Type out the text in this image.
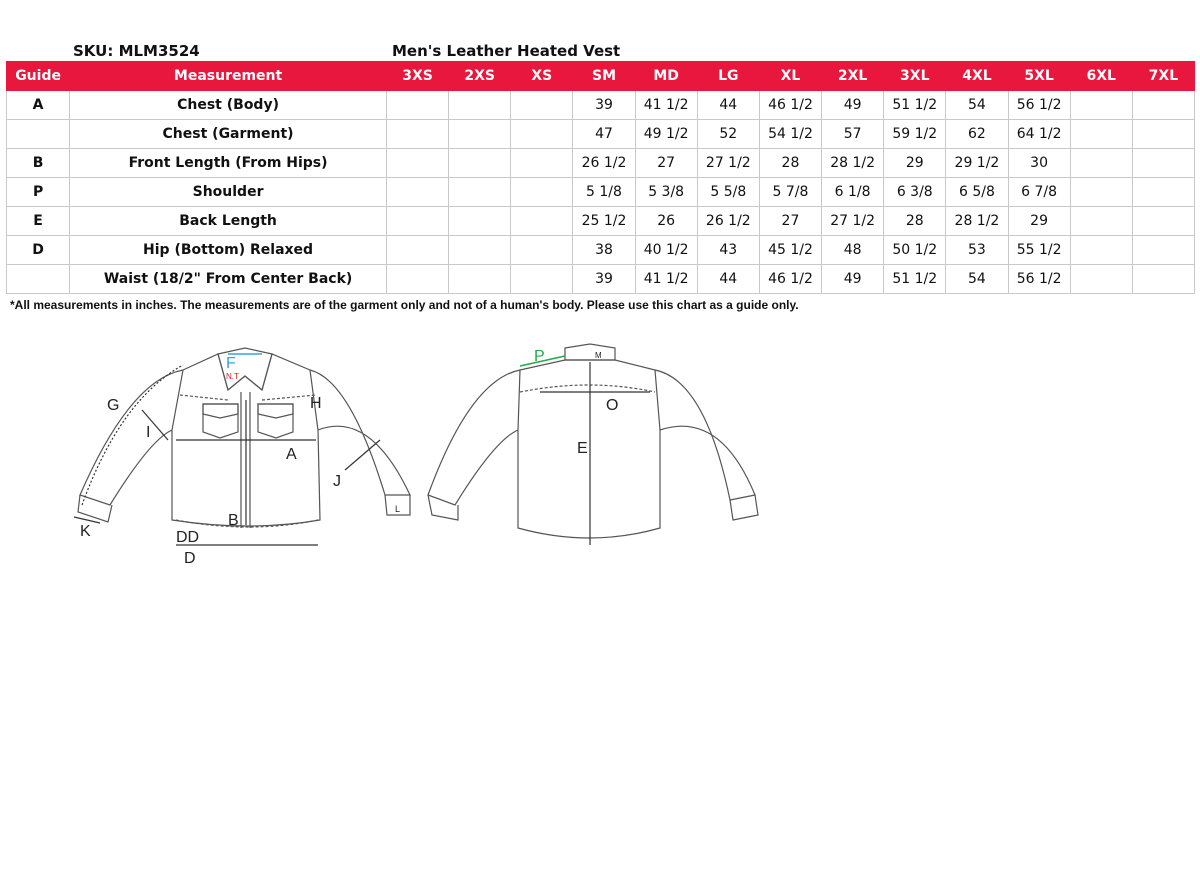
SKU: MLM3524	Men's Leather Heated Vest
Guide	Measurement	3XS	2XS	XS	SM	MD	LG	XL	2XL	3XL	4XL	5XL	6XL	7XL
A	Chest (Body)				39	41 1/2	44	46 1/2	49	51 1/2	54	56 1/2		
	Chest (Garment)				47	49 1/2	52	54 1/2	57	59 1/2	62	64 1/2		
B	Front Length (From Hips)				26 1/2	27	27 1/2	28	28 1/2	29	29 1/2	30		
P	Shoulder				5 1/8	5 3/8	5 5/8	5 7/8	6 1/8	6 3/8	6 5/8	6 7/8		
E	Back Length				25 1/2	26	26 1/2	27	27 1/2	28	28 1/2	29		
D	Hip (Bottom) Relaxed				38	40 1/2	43	45 1/2	48	50 1/2	53	55 1/2		
	Waist (18/2" From Center Back)				39	41 1/2	44	46 1/2	49	51 1/2	54	56 1/2		
*All measurements in inches. The measurements are of the garment only and not of a human's body. Please use this chart as a guide only.
F
N.T
G	H
I
A
J
B
K
L
DD
D
P	M
O
E
